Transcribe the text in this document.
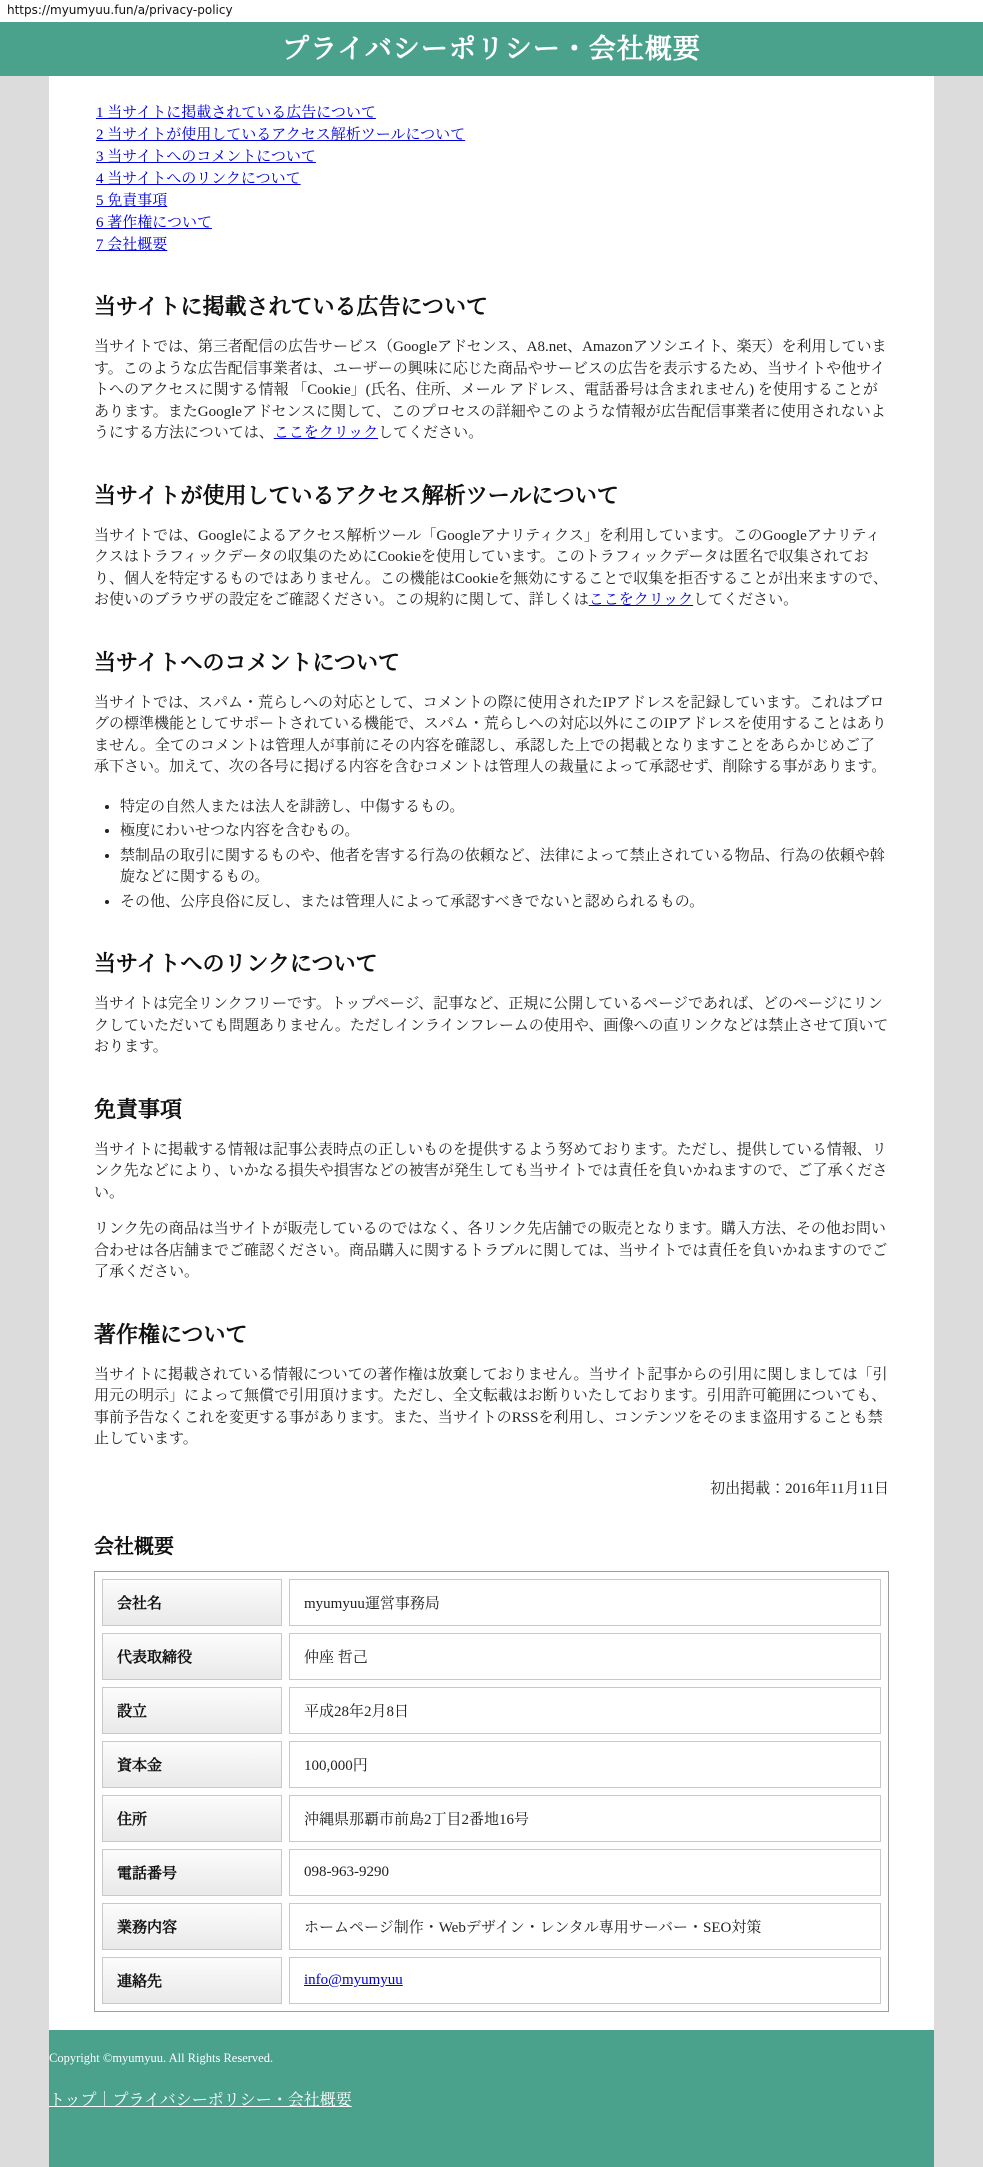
https://myumyuu.fun/a/privacy-policy
プライバシーポリシー・会社概要
1 当サイトに掲載されている広告について
2 当サイトが使用しているアクセス解析ツールについて
3 当サイトへのコメントについて
4 当サイトへのリンクについて
5 免責事項
6 著作権について
7 会社概要
当サイトに掲載されている広告について

当サイトでは、第三者配信の広告サービス（Googleアドセンス、A8.net、Amazonアソシエイト、楽天）を利用しています。このような広告配信事業者は、ユーザーの興味に応じた商品やサービスの広告を表示するため、当サイトや他サイトへのアクセスに関する情報 「Cookie」(氏名、住所、メール アドレス、電話番号は含まれません) を使用することがあります。またGoogleアドセンスに関して、このプロセスの詳細やこのような情報が広告配信事業者に使用されないようにする方法については、ここをクリックしてください。

当サイトが使用しているアクセス解析ツールについて

当サイトでは、Googleによるアクセス解析ツール「Googleアナリティクス」を利用しています。このGoogleアナリティクスはトラフィックデータの収集のためにCookieを使用しています。このトラフィックデータは匿名で収集されており、個人を特定するものではありません。この機能はCookieを無効にすることで収集を拒否することが出来ますので、お使いのブラウザの設定をご確認ください。この規約に関して、詳しくはここをクリックしてください。

当サイトへのコメントについて

当サイトでは、スパム・荒らしへの対応として、コメントの際に使用されたIPアドレスを記録しています。これはブログの標準機能としてサポートされている機能で、スパム・荒らしへの対応以外にこのIPアドレスを使用することはありません。全てのコメントは管理人が事前にその内容を確認し、承認した上での掲載となりますことをあらかじめご了承下さい。加えて、次の各号に掲げる内容を含むコメントは管理人の裁量によって承認せず、削除する事があります。

• 特定の自然人または法人を誹謗し、中傷するもの。
• 極度にわいせつな内容を含むもの。
• 禁制品の取引に関するものや、他者を害する行為の依頼など、法律によって禁止されている物品、行為の依頼や斡旋などに関するもの。
• その他、公序良俗に反し、または管理人によって承認すべきでないと認められるもの。
当サイトへのリンクについて

当サイトは完全リンクフリーです。トップページ、記事など、正規に公開しているページであれば、どのページにリンクしていただいても問題ありません。ただしインラインフレームの使用や、画像への直リンクなどは禁止させて頂いております。

免責事項

当サイトに掲載する情報は記事公表時点の正しいものを提供するよう努めております。ただし、提供している情報、リンク先などにより、いかなる損失や損害などの被害が発生しても当サイトでは責任を負いかねますので、ご了承ください。

リンク先の商品は当サイトが販売しているのではなく、各リンク先店舗での販売となります。購入方法、その他お問い合わせは各店舗までご確認ください。商品購入に関するトラブルに関しては、当サイトでは責任を負いかねますのでご了承ください。

著作権について

当サイトに掲載されている情報についての著作権は放棄しておりません。当サイト記事からの引用に関しましては「引用元の明示」によって無償で引用頂けます。ただし、全文転載はお断りいたしております。引用許可範囲についても、事前予告なくこれを変更する事があります。また、当サイトのRSSを利用し、コンテンツをそのまま盗用することも禁止しています。

初出掲載：2016年11月11日

会社概要
会社名	myumyuu運営事務局
代表取締役	仲座 哲己
設立	平成28年2月8日
資本金	100,000円
住所	沖縄県那覇市前島2丁目2番地16号
電話番号	098-963-9290
業務内容	ホームページ制作・Webデザイン・レンタル専用サーバー・SEO対策
連絡先	info@myumyuu

Copyright ©myumyuu. All Rights Reserved.

トップ｜プライバシーポリシー・会社概要
